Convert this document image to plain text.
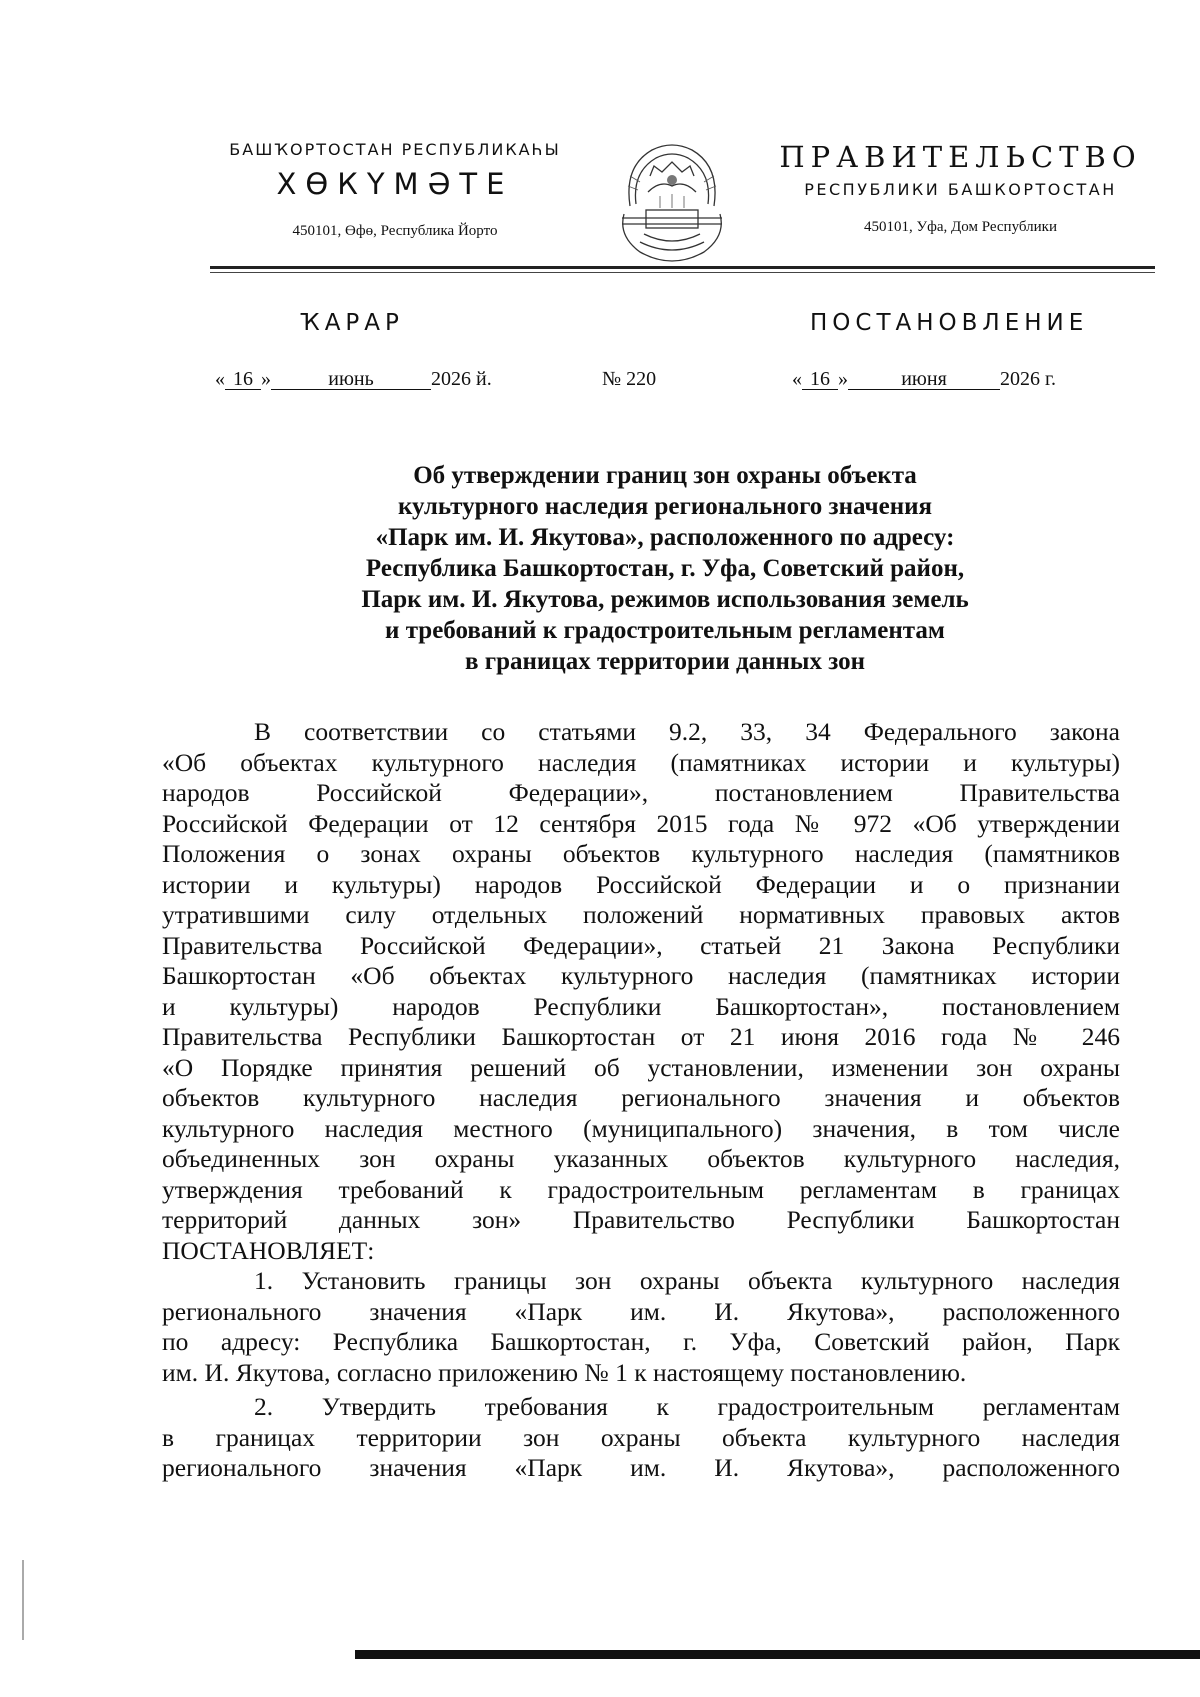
БАШҠОРТОСТАН РЕСПУБЛИКАҺЫ
ХӨКҮМӘТЕ
450101, Өфө, Республика Йорто
ПРАВИТЕЛЬСТВО
РЕСПУБЛИКИ БАШКОРТОСТАН
450101, Уфа, Дом Республики
ҠАРАР	ПОСТАНОВЛЕНИЕ
« 16 »	июнь	2026 й.	№ 220	« 16 »	июня	2026 г.
Об утверждении границ зон охраны объекта
культурного наследия регионального значения
«Парк им. И. Якутова», расположенного по адресу:
Республика Башкортостан, г. Уфа, Советский район,
Парк им. И. Якутова, режимов использования земель
и требований к градостроительным регламентам
в границах территории данных зон
В соответствии со статьями 9.2, 33, 34 Федерального закона
«Об объектах культурного наследия (памятниках истории и культуры)
народов Российской Федерации», постановлением Правительства
Российской Федерации от 12 сентября 2015 года № 972 «Об утверждении
Положения о зонах охраны объектов культурного наследия (памятников
истории и культуры) народов Российской Федерации и о признании
утратившими силу отдельных положений нормативных правовых актов
Правительства Российской Федерации», статьей 21 Закона Республики
Башкортостан «Об объектах культурного наследия (памятниках истории
и культуры) народов Республики Башкортостан», постановлением
Правительства Республики Башкортостан от 21 июня 2016 года № 246
«О Порядке принятия решений об установлении, изменении зон охраны
объектов культурного наследия регионального значения и объектов
культурного наследия местного (муниципального) значения, в том числе
объединенных зон охраны указанных объектов культурного наследия,
утверждения требований к градостроительным регламентам в границах
территорий данных зон» Правительство Республики Башкортостан
ПОСТАНОВЛЯЕТ:
1. Установить границы зон охраны объекта культурного наследия
регионального значения «Парк им. И. Якутова», расположенного
по адресу: Республика Башкортостан, г. Уфа, Советский район, Парк
им. И. Якутова, согласно приложению № 1 к настоящему постановлению.
2. Утвердить требования к градостроительным регламентам
в границах территории зон охраны объекта культурного наследия
регионального значения «Парк им. И. Якутова», расположенного
